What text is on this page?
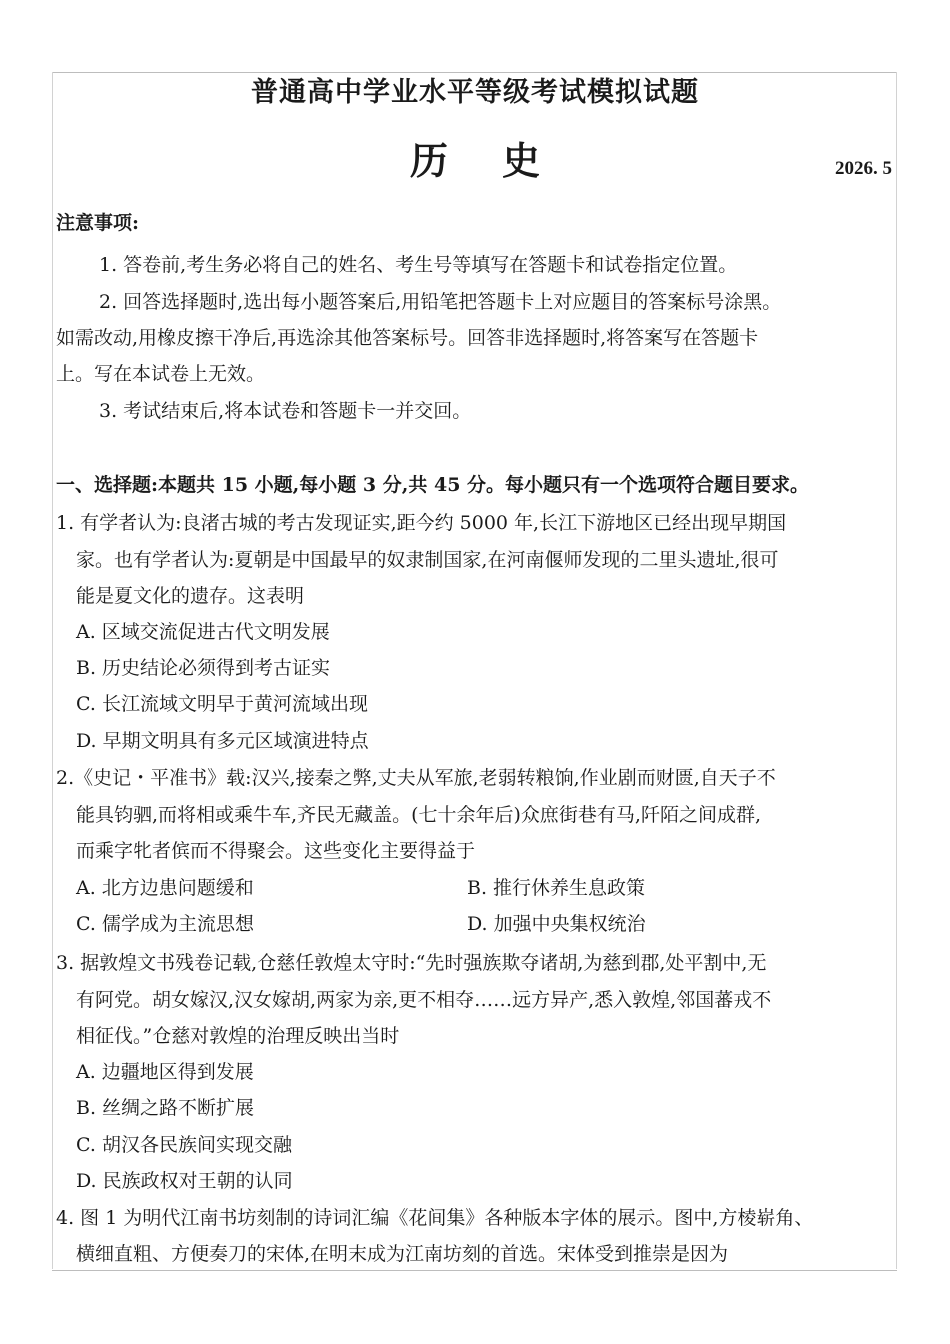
普通高中学业水平等级考试模拟试题
历史	2026. 5
注意事项:
1. 答卷前,考生务必将自己的姓名、考生号等填写在答题卡和试卷指定位置。
2. 回答选择题时,选出每小题答案后,用铅笔把答题卡上对应题目的答案标号涂黑。
如需改动,用橡皮擦干净后,再选涂其他答案标号。回答非选择题时,将答案写在答题卡
上。写在本试卷上无效。
3. 考试结束后,将本试卷和答题卡一并交回。
一、选择题:本题共 15 小题,每小题 3 分,共 45 分。每小题只有一个选项符合题目要求。
1. 有学者认为:良渚古城的考古发现证实,距今约 5000 年,长江下游地区已经出现早期国
家。也有学者认为:夏朝是中国最早的奴隶制国家,在河南偃师发现的二里头遗址,很可
能是夏文化的遗存。这表明
A. 区域交流促进古代文明发展
B. 历史结论必须得到考古证实
C. 长江流域文明早于黄河流域出现
D. 早期文明具有多元区域演进特点
2.《史记・平准书》载:汉兴,接秦之弊,丈夫从军旅,老弱转粮饷,作业剧而财匮,自天子不
能具钧驷,而将相或乘牛车,齐民无藏盖。(七十余年后)众庶街巷有马,阡陌之间成群,
而乘字牝者傧而不得聚会。这些变化主要得益于
A. 北方边患问题缓和	B. 推行休养生息政策
C. 儒学成为主流思想	D. 加强中央集权统治
3. 据敦煌文书残卷记载,仓慈任敦煌太守时:“先时强族欺夺诸胡,为慈到郡,处平割中,无
有阿党。胡女嫁汉,汉女嫁胡,两家为亲,更不相夺……远方异产,悉入敦煌,邻国蕃戎不
相征伐。”仓慈对敦煌的治理反映出当时
A. 边疆地区得到发展
B. 丝绸之路不断扩展
C. 胡汉各民族间实现交融
D. 民族政权对王朝的认同
4. 图 1 为明代江南书坊刻制的诗词汇编《花间集》各种版本字体的展示。图中,方棱崭角、
横细直粗、方便奏刀的宋体,在明末成为江南坊刻的首选。宋体受到推崇是因为
